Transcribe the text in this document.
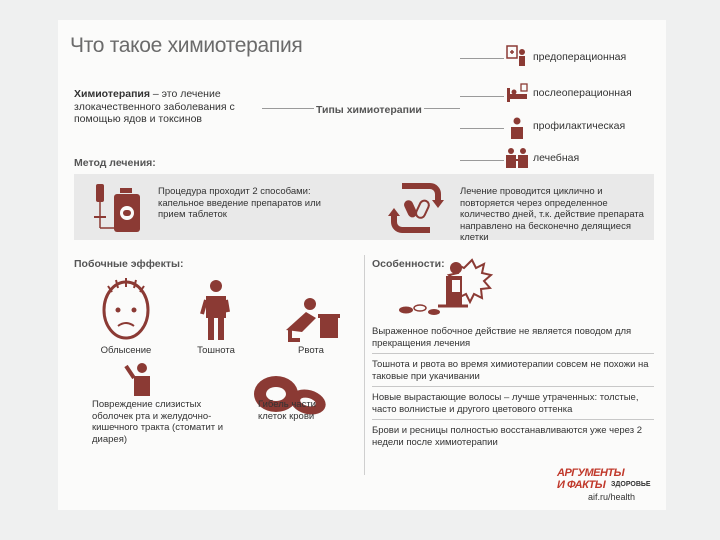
Что такое химиотерапия
Химиотерапия – это лечение злокачественного заболевания с помощью ядов и токсинов
Типы химиотерапии
предоперационная
послеоперационная
профилактическая
лечебная
Метод лечения:
Процедура проходит 2 способами: капельное введение препаратов или прием таблеток
Лечение проводится циклично и повторяется через определенное количество дней, т.к. действие препарата направлено на бесконечно делящиеся клетки
Побочные эффекты:
Облысение	Тошнота	Рвота
Повреждение слизистых оболочек рта и желудочно-кишечного тракта (стоматит и диарея)
Гибель части клеток крови
Особенности:
Выраженное побочное действие не является поводом для прекращения лечения
Тошнота и рвота во время химиотерапии совсем не похожи на таковые при укачивании
Новые вырастающие волосы – лучше утраченных: толстые, часто волнистые и другого цветового оттенка
Брови и ресницы полностью восстанавливаются уже через 2 недели после химиотерапии
АРГУМЕНТЫ
И ФАКТЫ ЗДОРОВЬЕ
aif.ru/health
